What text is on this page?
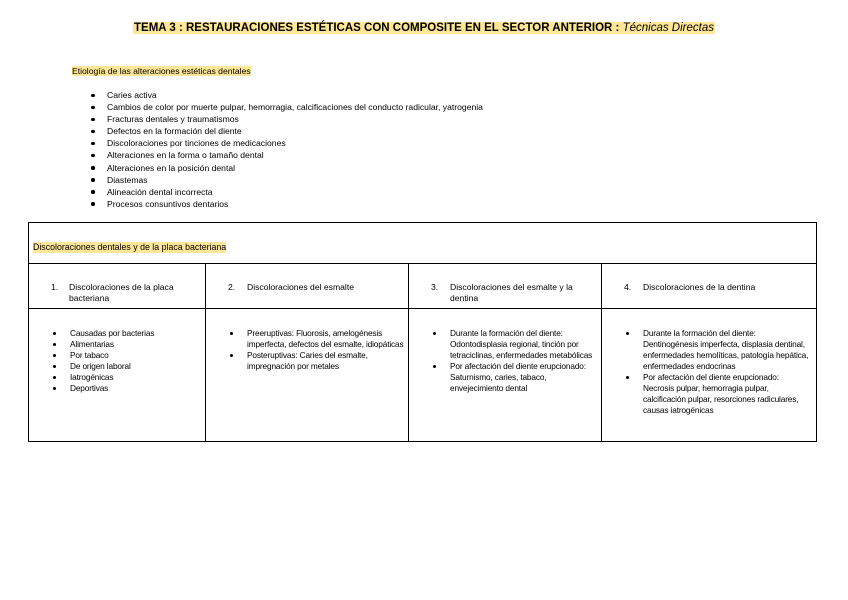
TEMA 3 : RESTAURACIONES ESTÉTICAS CON COMPOSITE EN EL SECTOR ANTERIOR : Técnicas Directas
Etiología de las alteraciones estéticas dentales
Caries activa
Cambios de color por muerte pulpar, hemorragia, calcificaciones del conducto radicular, yatrogenia
Fracturas dentales y traumatismos
Defectos en la formación del diente
Discoloraciones por tinciones de medicaciones
Alteraciones en la forma o tamaño dental
Alteraciones en la posición dental
Diastemas
Alineación dental incorrecta
Procesos consuntivos dentarios
Discoloraciones dentales y de la placa bacteriana
1. Discoloraciones de la placa bacteriana
Causadas por bacterias
Alimentarias
Por tabaco
De origen laboral
Iatrogénicas
Deportivas
2. Discoloraciones del esmalte
Preeruptivas: Fluorosis, amelogénesis imperfecta, defectos del esmalte, idiopáticas
Posteruptivas: Caries del esmalte, impregnación por metales
3. Discoloraciones del esmalte y la dentina
Durante la formación del diente: Odontodisplasia regional, tinción por tetraciclinas, enfermedades metabólicas
Por afectación del diente erupcionado: Saturnismo, caries, tabaco, envejecimiento dental
4. Discoloraciones de la dentina
Durante la formación del diente: Dentinogénesis imperfecta, displasia dentinal, enfermedades hemolíticas, patología hepática, enfermedades endocrinas
Por afectación del diente erupcionado: Necrosis pulpar, hemorragia pulpar, calcificación pulpar, resorciones radiculares, causas iatrogénicas
